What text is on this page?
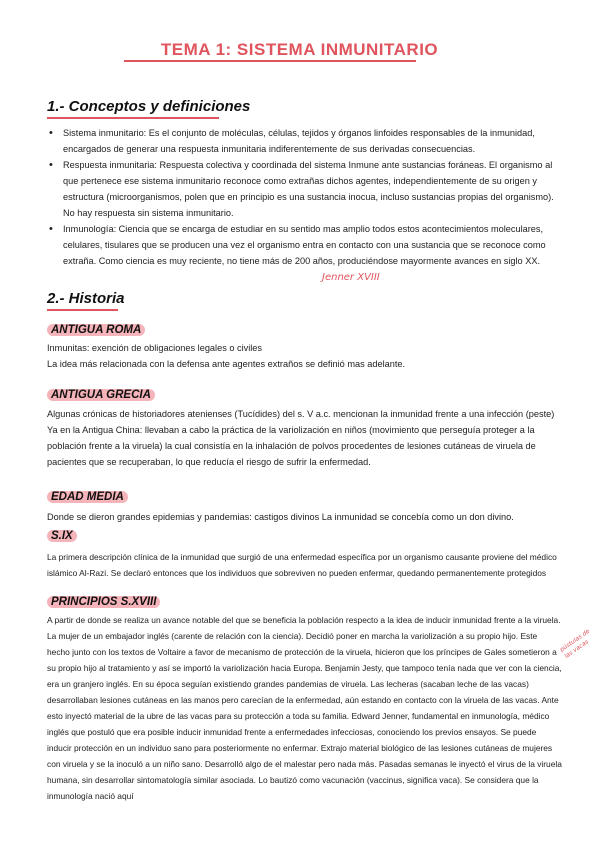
TEMA 1: SISTEMA INMUNITARIO
1.- Conceptos y definiciones
• Sistema inmunitario: Es el conjunto de moléculas, células, tejidos y órganos linfoides responsables de la inmunidad, encargados de generar una respuesta inmunitaria indiferentemente de sus derivadas consecuencias.
• Respuesta inmunitaria: Respuesta colectiva y coordinada del sistema Inmune ante sustancias foráneas. El organismo al que pertenece ese sistema inmunitario reconoce como extrañas dichos agentes, independientemente de su origen y estructura (microorganismos, polen que en principio es una sustancia inocua, incluso sustancias propias del organismo). No hay respuesta sin sistema inmunitario.
• Inmunología: Ciencia que se encarga de estudiar en su sentido mas amplio todos estos acontecimientos moleculares, celulares, tisulares que se producen una vez el organismo entra en contacto con una sustancia que se reconoce como extraña. Como ciencia es muy reciente, no tiene más de 200 años, produciéndose mayormente avances en siglo XX.
Jenner XVIII
2.- Historia
ANTIGUA ROMA
Inmunitas: exención de obligaciones legales o civiles
La idea más relacionada con la defensa ante agentes extraños se definió mas adelante.
ANTIGUA GRECIA
Algunas crónicas de historiadores atenienses (Tucídides) del s. V a.c. mencionan la inmunidad frente a una infección (peste) Ya en la Antigua China: llevaban a cabo la práctica de la variolización en niños (movimiento que perseguía proteger a la población frente a la viruela) la cual consistía en la inhalación de polvos procedentes de lesiones cutáneas de viruela de pacientes que se recuperaban, lo que reducía el riesgo de sufrir la enfermedad.
EDAD MEDIA
Donde se dieron grandes epidemias y pandemias: castigos divinos La inmunidad se concebía como un don divino.
S.IX
La primera descripción clínica de la inmunidad que surgió de una enfermedad específica por un organismo causante proviene del médico islámico Al-Razi. Se declaró entonces que los individuos que sobreviven no pueden enfermar, quedando permanentemente protegidos
PRINCIPIOS S.XVIII
A partir de donde se realiza un avance notable del que se beneficia la población respecto a la idea de inducir inmunidad frente a la viruela. La mujer de un embajador inglés (carente de relación con la ciencia). Decidió poner en marcha la variolización a su propio hijo. Este hecho junto con los textos de Voltaire a favor de mecanismo de protección de la viruela, hicieron que los príncipes de Gales sometieron a su propio hijo al tratamiento y así se importó la variolización hacia Europa. Benjamin Jesty, que tampoco tenía nada que ver con la ciencia, era un granjero inglés. En su época seguían existiendo grandes pandemias de viruela. Las lecheras (sacaban leche de las vacas) desarrollaban lesiones cutáneas en las manos pero carecían de la enfermedad, aún estando en contacto con la viruela de las vacas. Ante esto inyectó material de la ubre de las vacas para su protección a toda su familia. Edward Jenner, fundamental en inmunología, médico inglés que postuló que era posible inducir inmunidad frente a enfermedades infecciosas, conociendo los previos ensayos. Se puede inducir protección en un individuo sano para posteriormente no enfermar. Extrajo material biológico de las lesiones cutáneas de mujeres con viruela y se la inoculó a un niño sano. Desarrolló algo de el malestar pero nada más. Pasadas semanas le inyectó el virus de la viruela humana, sin desarrollar sintomatología similar asociada. Lo bautizó como vacunación (vaccinus, significa vaca). Se considera que la inmunología nació aquí
pústulas de las vacas
